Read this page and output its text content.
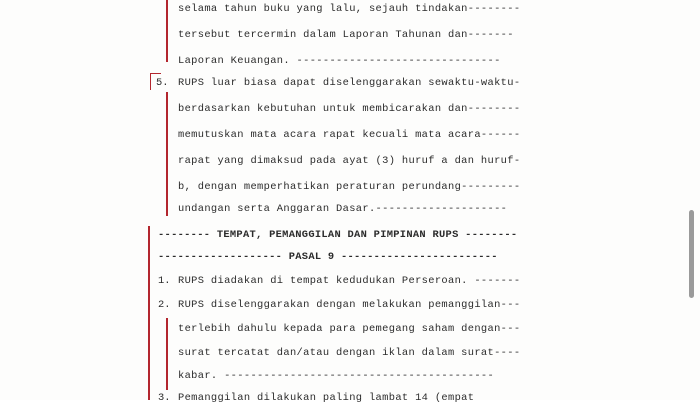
selama tahun buku yang lalu, sejauh tindakan--------
tersebut tercermin dalam Laporan Tahunan dan-------
Laporan Keuangan. -------------------------------
5. RUPS luar biasa dapat diselenggarakan sewaktu-waktu-
berdasarkan kebutuhan untuk membicarakan dan--------
memutuskan mata acara rapat kecuali mata acara------
rapat yang dimaksud pada ayat (3) huruf a dan huruf-
b, dengan memperhatikan peraturan perundang---------
undangan serta Anggaran Dasar.--------------------
-------- TEMPAT, PEMANGGILAN DAN PIMPINAN RUPS --------
------------------- PASAL 9 ------------------------
1. RUPS diadakan di tempat kedudukan Perseroan. -------
2. RUPS diselenggarakan dengan melakukan pemanggilan---
terlebih dahulu kepada para pemegang saham dengan---
surat tercatat dan/atau dengan iklan dalam surat----
kabar. -----------------------------------------
3. Pemanggilan dilakukan paling lambat 14 (empat
